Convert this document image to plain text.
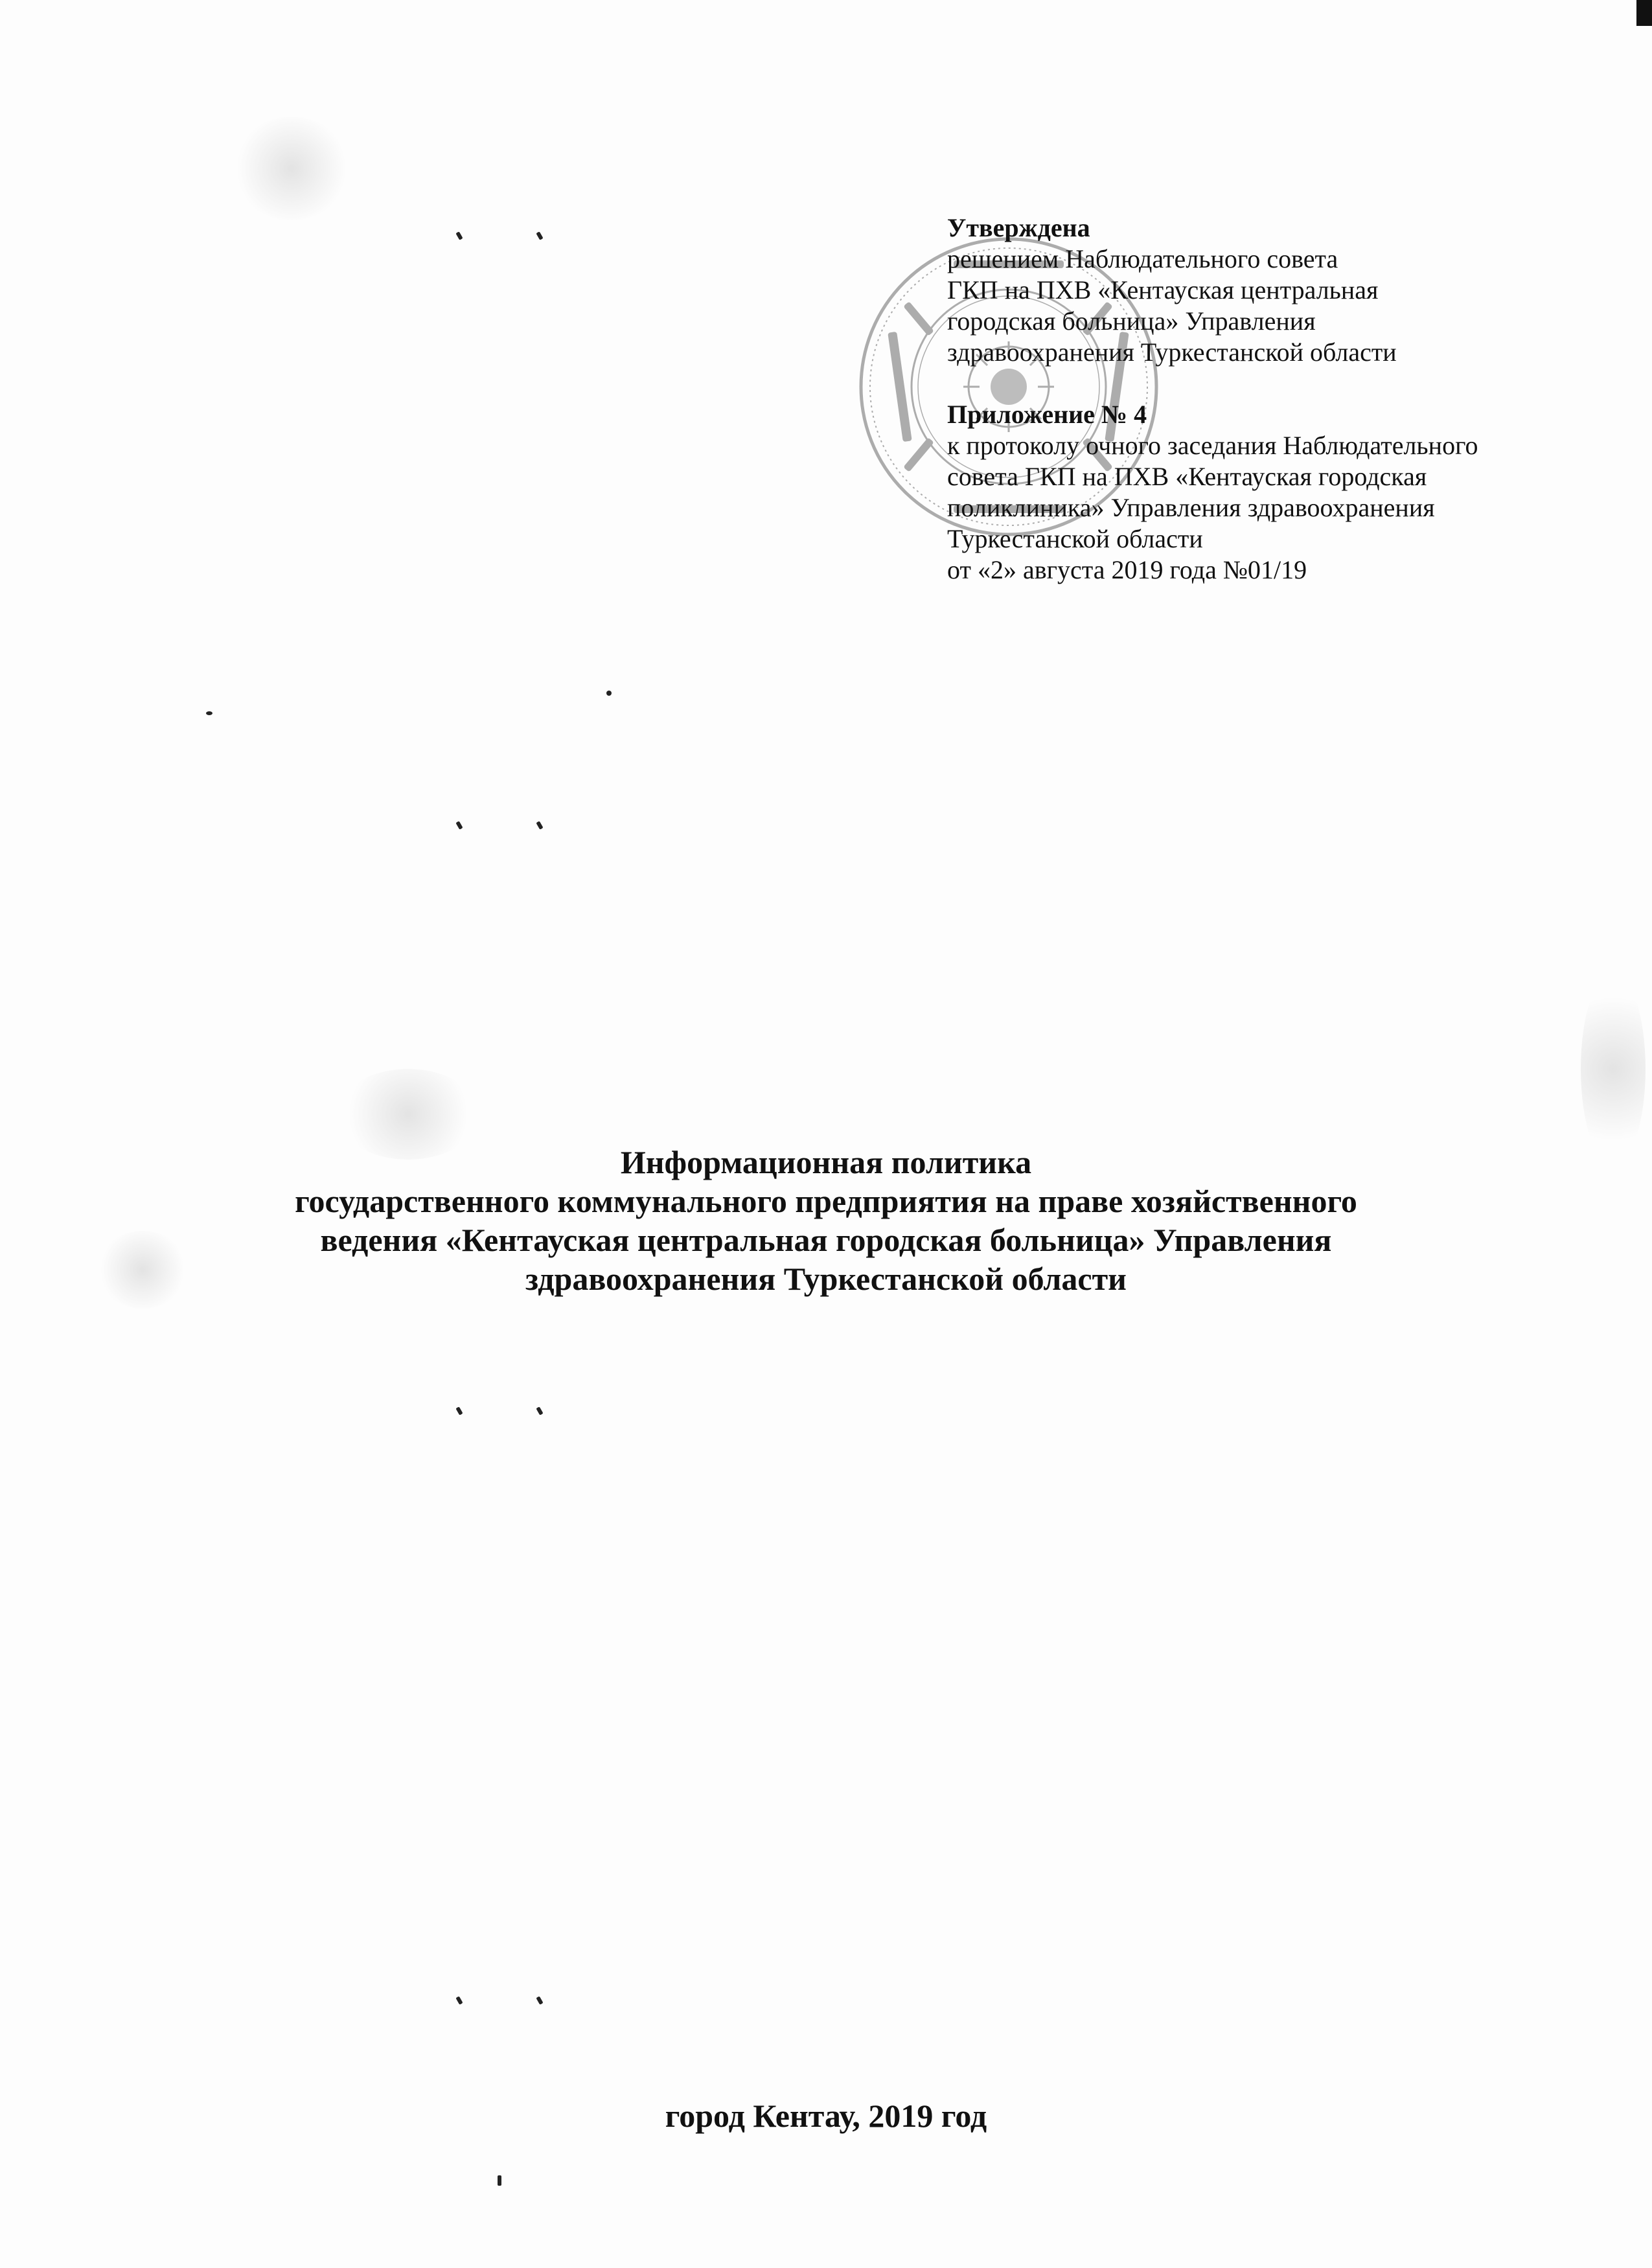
Утверждена
решением Наблюдательного совета
ГКП на ПХВ «Кентауская центральная
городская больница» Управления
здравоохранения Туркестанской области
Приложение № 4
к протоколу очного заседания Наблюдательного
совета ГКП на ПХВ «Кентауская городская
поликлиника» Управления здравоохранения
Туркестанской области
от «2» августа 2019 года №01/19
Информационная политика
государственного коммунального предприятия на праве хозяйственного
ведения «Кентауская центральная городская больница» Управления
здравоохранения Туркестанской области
город Кентау, 2019 год
